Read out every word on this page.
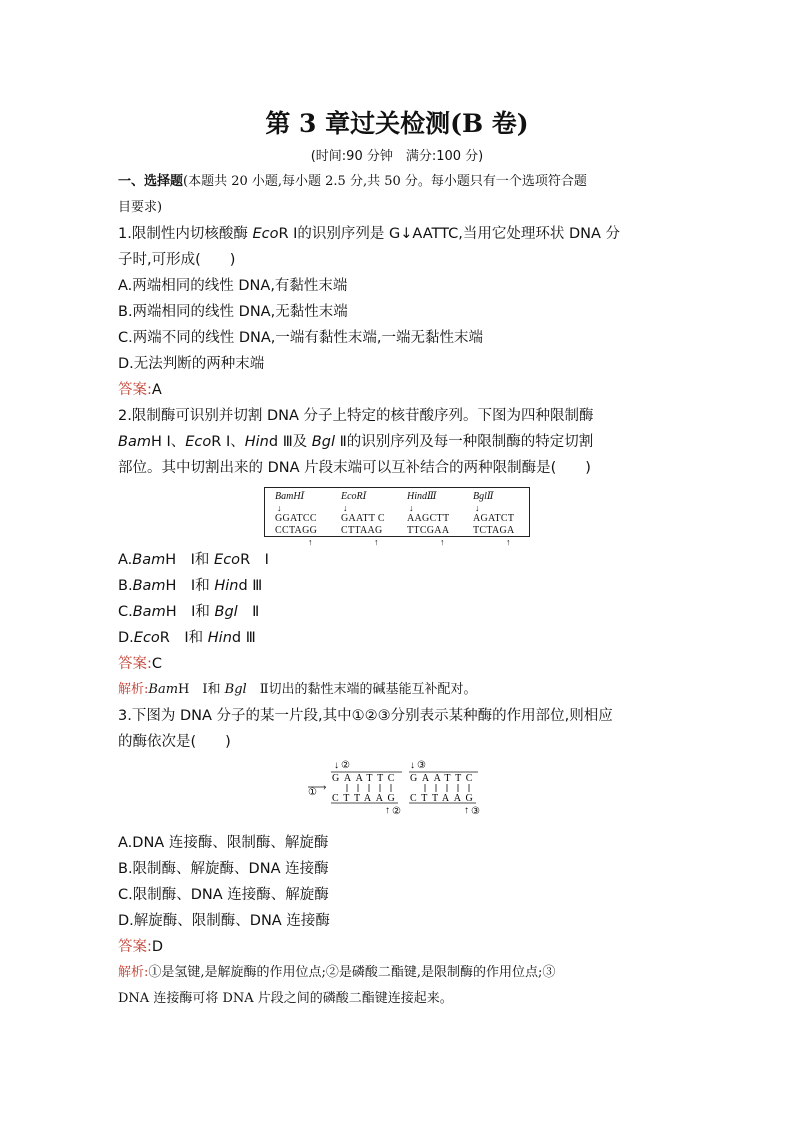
第 3 章过关检测(B 卷)
(时间:90 分钟　满分:100 分)
一、选择题(本题共 20 小题,每小题 2.5 分,共 50 分。每小题只有一个选项符合题
目要求)
1.限制性内切核酸酶 EcoR Ⅰ的识别序列是 G↓AATTC,当用它处理环状 DNA 分
子时,可形成(　　)
A.两端相同的线性 DNA,有黏性末端
B.两端相同的线性 DNA,无黏性末端
C.两端不同的线性 DNA,一端有黏性末端,一端无黏性末端
D.无法判断的两种末端
答案:A
2.限制酶可识别并切割 DNA 分子上特定的核苷酸序列。下图为四种限制酶
BamH Ⅰ、EcoR Ⅰ、Hind Ⅲ及 Bgl Ⅱ的识别序列及每一种限制酶的特定切割
部位。其中切割出来的 DNA 片段末端可以互补结合的两种限制酶是(　　)
BamHⅠ
↓
GGATCC
CCTAGG
↑
EcoRⅠ
↓
GAATT C
CTTAAG
↑
HindⅢ
↓
AAGCTT
TTCGAA
↑
BglⅡ
↓
AGATCT
TCTAGA
↑
A.BamH　Ⅰ和 EcoR　Ⅰ
B.BamH　Ⅰ和 Hind Ⅲ
C.BamH　Ⅰ和 Bgl　Ⅱ
D.EcoR　Ⅰ和 Hind Ⅲ
答案:C
解析:BamH　Ⅰ和 Bgl　Ⅱ切出的黏性末端的碱基能互补配对。
3.下图为 DNA 分子的某一片段,其中①②③分别表示某种酶的作用部位,则相应
的酶依次是(　　)
↓ ②
GAATTC
CTTAAG
›
①
↑ ②
↓ ③
GAATTC
CTTAAG
↑ ③
A.DNA 连接酶、限制酶、解旋酶
B.限制酶、解旋酶、DNA 连接酶
C.限制酶、DNA 连接酶、解旋酶
D.解旋酶、限制酶、DNA 连接酶
答案:D
解析:①是氢键,是解旋酶的作用位点;②是磷酸二酯键,是限制酶的作用位点;③
DNA 连接酶可将 DNA 片段之间的磷酸二酯键连接起来。
